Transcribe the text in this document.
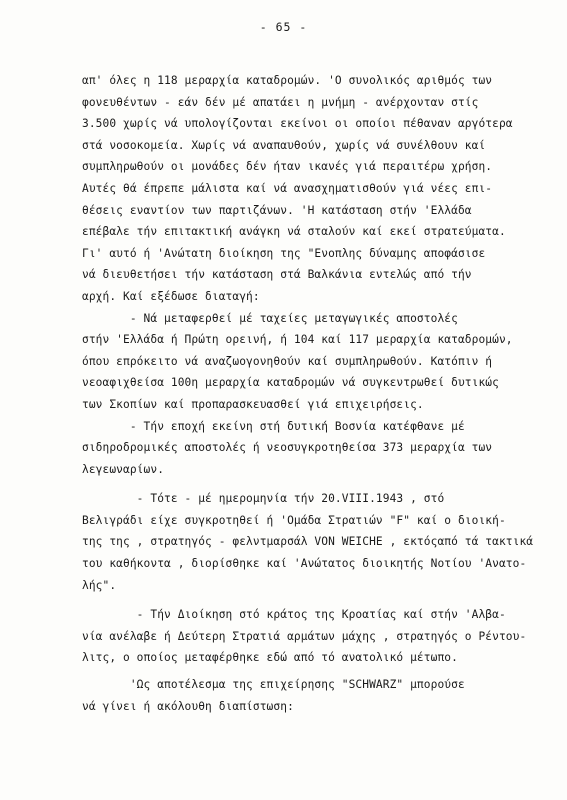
- 65 -
απ' όλες η 118 μεραρχία καταδρομών. 'Ο συνολικός αριθμός των
φονευθέντων - εάν δέν μέ απατάει η μνήμη - ανέρχονταν στίς
3.500 χωρίς νά υπολογίζονται εκείνοι οι οποίοι πέθαναν αργότερα
στά νοσοκομεία. Χωρίς νά αναπαυθούν, χωρίς νά συνέλθουν καί
συμπληρωθούν οι μονάδες δέν ήταν ικανές γιά περαιτέρω χρήση.
Αυτές θά έπρεπε μάλιστα καί νά ανασχηματισθούν γιά νέες επι-
θέσεις εναντίον των παρτιζάνων. 'Η κατάσταση στήν 'Ελλάδα
επέβαλε τήν επιτακτική ανάγκη νά σταλούν καί εκεί στρατεύματα.
Γι' αυτό ή 'Ανώτατη διοίκηση της "Ενοπλης δύναμης αποφάσισε
νά διευθετήσει τήν κατάσταση στά Βαλκάνια εντελώς από τήν
αρχή. Καί εξέδωσε διαταγή:
- Νά μεταφερθεί μέ ταχείες μεταγωγικές αποστολές
στήν 'Ελλάδα ή Πρώτη ορεινή, ή 104 καί 117 μεραρχία καταδρομών,
όπου επρόκειτο νά αναζωογονηθούν καί συμπληρωθούν. Κατόπιν ή
νεοαφιχθείσα 100η μεραρχία καταδρομών νά συγκεντρωθεί δυτικώς
των Σκοπίων καί προπαρασκευασθεί γιά επιχειρήσεις.
- Τήν εποχή εκείνη στή δυτική Βοσνία κατέφθανε μέ
σιδηροδρομικές αποστολές ή νεοσυγκροτηθείσα 373 μεραρχία των
λεγεωναρίων.
- Τότε - μέ ημερομηνία τήν 20.VIII.1943 , στό
Βελιγράδι είχε συγκροτηθεί ή 'Ομάδα Στρατιών "F" καί ο διοική-
της της , στρατηγός - φελντμαρσάλ VON WEICHE , εκτόςαπό τά τακτικά
του καθήκοντα , διορίσθηκε καί 'Ανώτατος διοικητής Νοτίου 'Ανατο-
λής".
- Τήν Διοίκηση στό κράτος της Κροατίας καί στήν 'Αλβα-
νία ανέλαβε ή Δεύτερη Στρατιά αρμάτων μάχης , στρατηγός ο Ρέντου-
λιτς, ο οποίος μεταφέρθηκε εδώ από τό ανατολικό μέτωπο.
'Ως αποτέλεσμα της επιχείρησης "SCHWARZ" μπορούσε
νά γίνει ή ακόλουθη διαπίστωση:
